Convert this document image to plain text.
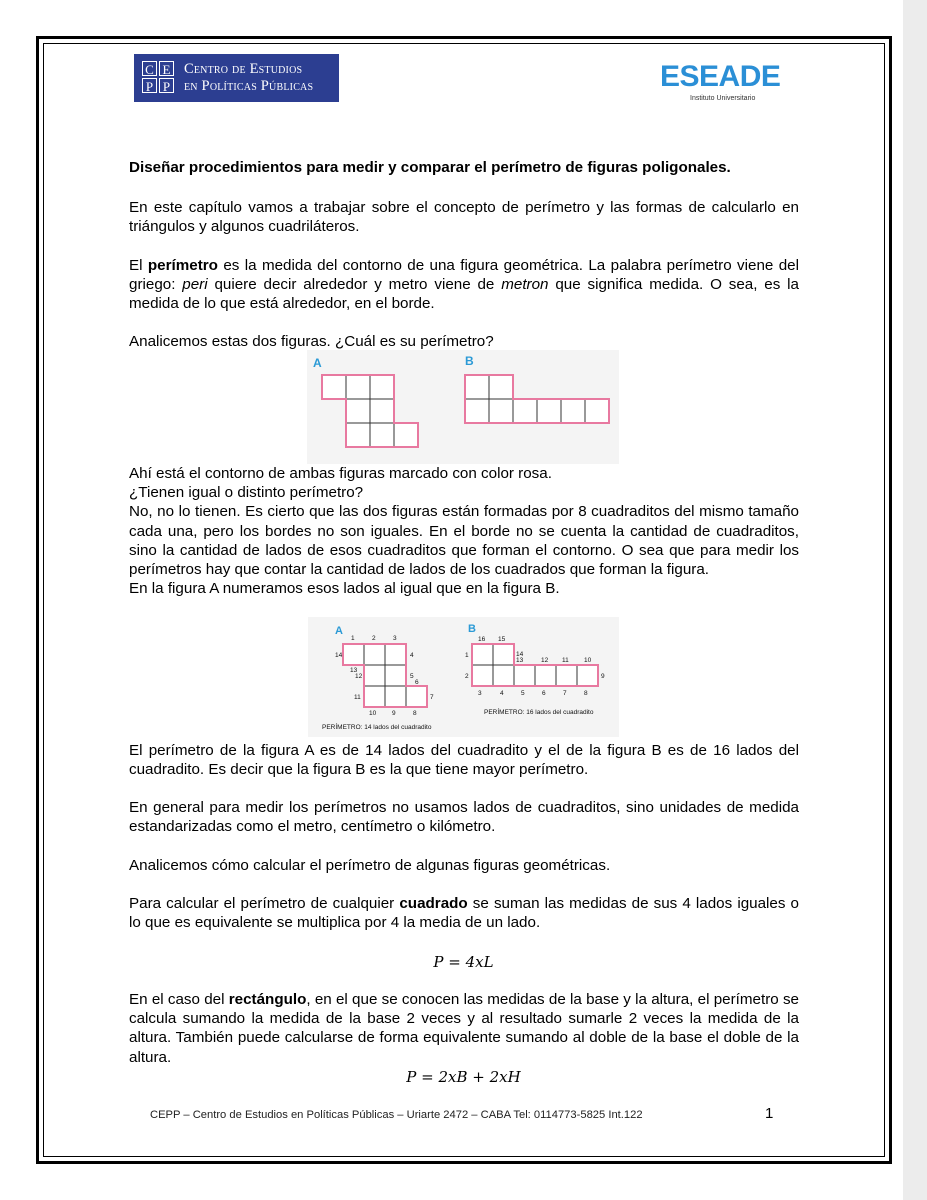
C E
P P
Centro de Estudios
en Políticas Públicas	ESEADE
Instituto Universitario
Diseñar procedimientos para medir y comparar el perímetro de figuras poligonales.
En este capítulo vamos a trabajar sobre el concepto de perímetro y las formas de calcularlo en triángulos y algunos cuadriláteros.
El perímetro es la medida del contorno de una figura geométrica. La palabra perímetro viene del griego: peri quiere decir alrededor y metro viene de metron que significa medida. O sea, es la medida de lo que está alrededor, en el borde.
Analicemos estas dos figuras. ¿Cuál es su perímetro?
A	B
Ahí está el contorno de ambas figuras marcado con color rosa.
¿Tienen igual o distinto perímetro?
No, no lo tienen. Es cierto que las dos figuras están formadas por 8 cuadraditos del mismo tamaño cada una, pero los bordes no son iguales. En el borde no se cuenta la cantidad de cuadraditos, sino la cantidad de lados de esos cuadraditos que forman el contorno. O sea que para medir los perímetros hay que contar la cantidad de lados de los cuadrados que forman la figura.
En la figura A numeramos esos lados al igual que en la figura B.
A	B
1	2	3
4
5
6
7
8
9
10
11
12
13
14
PERÍMETRO: 14 lados del cuadradito
1
2
3	4	5	6	7	8
9
10
11
12
13
14
15
16
PERÍMETRO: 16 lados del cuadradito
El perímetro de la figura A es de 14 lados del cuadradito y el de la figura B es de 16 lados del cuadradito. Es decir que la figura B es la que tiene mayor perímetro.
En general para medir los perímetros no usamos lados de cuadraditos, sino unidades de medida estandarizadas como el metro, centímetro o kilómetro.
Analicemos cómo calcular el perímetro de algunas figuras geométricas.
Para calcular el perímetro de cualquier cuadrado se suman las medidas de sus 4 lados iguales o lo que es equivalente se multiplica por 4 la media de un lado.
P = 4xL
En el caso del rectángulo, en el que se conocen las medidas de la base y la altura, el perímetro se calcula sumando la medida de la base 2 veces y al resultado sumarle 2 veces la medida de la altura. También puede calcularse de forma equivalente sumando al doble de la base el doble de la altura.
P = 2xB + 2xH
CEPP – Centro de Estudios en Políticas Públicas – Uriarte 2472 – CABA Tel: 0114773-5825 Int.122	1
